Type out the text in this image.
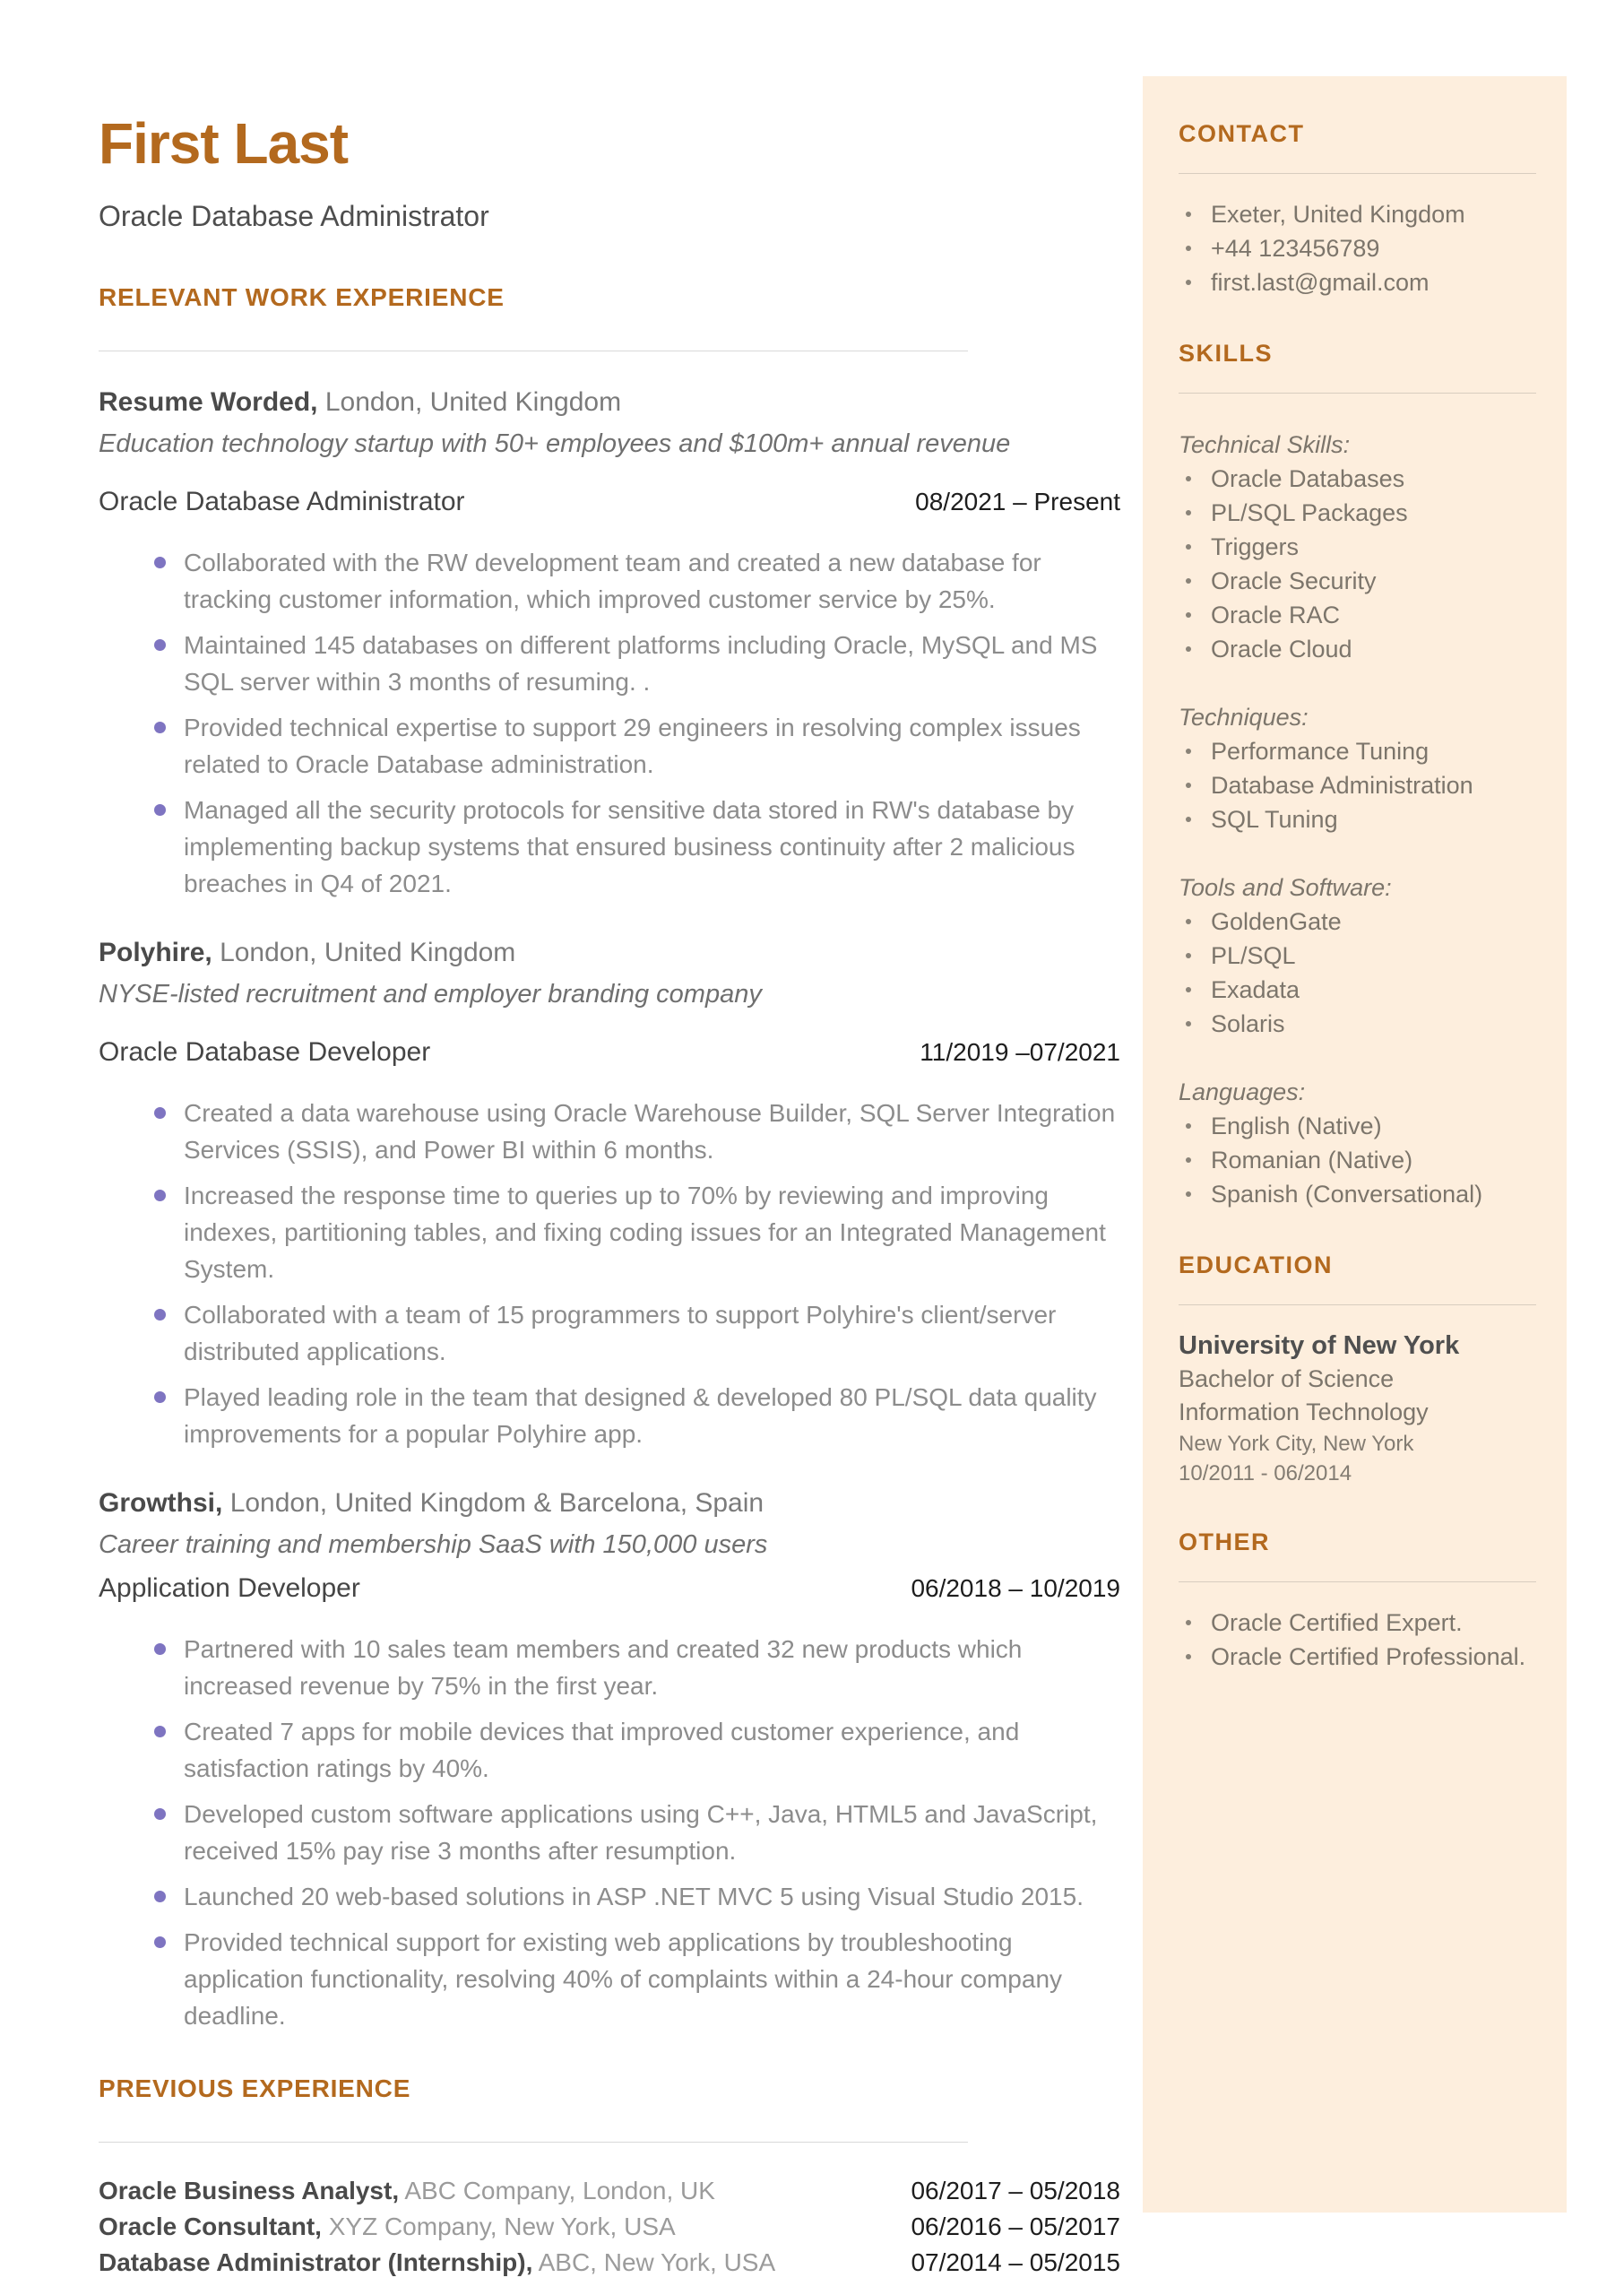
First Last
Oracle Database Administrator
RELEVANT WORK EXPERIENCE
Resume Worded, London, United Kingdom
Education technology startup with 50+ employees and $100m+ annual revenue
Oracle Database Administrator	08/2021 – Present
Collaborated with the RW development team and created a new database for tracking customer information, which improved customer service by 25%.
Maintained 145 databases on different platforms including Oracle, MySQL and MS SQL server within 3 months of resuming. .
Provided technical expertise to support 29 engineers in resolving complex issues related to Oracle Database administration.
Managed all the security protocols for sensitive data stored in RW's database by implementing backup systems that ensured business continuity after 2 malicious breaches in Q4 of 2021.
Polyhire, London, United Kingdom
NYSE-listed recruitment and employer branding company
Oracle Database Developer	11/2019 –07/2021
Created a data warehouse using Oracle Warehouse Builder, SQL Server Integration Services (SSIS), and Power BI within 6 months.
Increased the response time to queries up to 70% by reviewing and improving indexes, partitioning tables, and fixing coding issues for an Integrated Management System.
Collaborated with a team of 15 programmers to support Polyhire's client/server distributed applications.
Played leading role in the team that designed & developed 80 PL/SQL data quality improvements for a popular Polyhire app.
Growthsi, London, United Kingdom & Barcelona, Spain
Career training and membership SaaS with 150,000 users
Application Developer	06/2018 – 10/2019
Partnered with 10 sales team members and created 32 new products which increased revenue by 75% in the first year.
Created 7 apps for mobile devices that improved customer experience, and satisfaction ratings by 40%.
Developed custom software applications using C++, Java, HTML5 and JavaScript, received 15% pay rise 3 months after resumption.
Launched 20 web-based solutions in ASP .NET MVC 5 using Visual Studio 2015.
Provided technical support for existing web applications by troubleshooting application functionality, resolving 40% of complaints within a 24-hour company deadline.
PREVIOUS EXPERIENCE
Oracle Business Analyst, ABC Company, London, UK	06/2017 – 05/2018
Oracle Consultant, XYZ Company, New York, USA	06/2016 – 05/2017
Database Administrator (Internship), ABC, New York, USA	07/2014 – 05/2015
CONTACT
Exeter, United Kingdom
+44 123456789
first.last@gmail.com
SKILLS
Technical Skills:
Oracle Databases
PL/SQL Packages
Triggers
Oracle Security
Oracle RAC
Oracle Cloud
Techniques:
Performance Tuning
Database Administration
SQL Tuning
Tools and Software:
GoldenGate
PL/SQL
Exadata
Solaris
Languages:
English (Native)
Romanian (Native)
Spanish (Conversational)
EDUCATION
University of New York
Bachelor of Science
Information Technology
New York City, New York
10/2011 - 06/2014
OTHER
Oracle Certified Expert.
Oracle Certified Professional.
